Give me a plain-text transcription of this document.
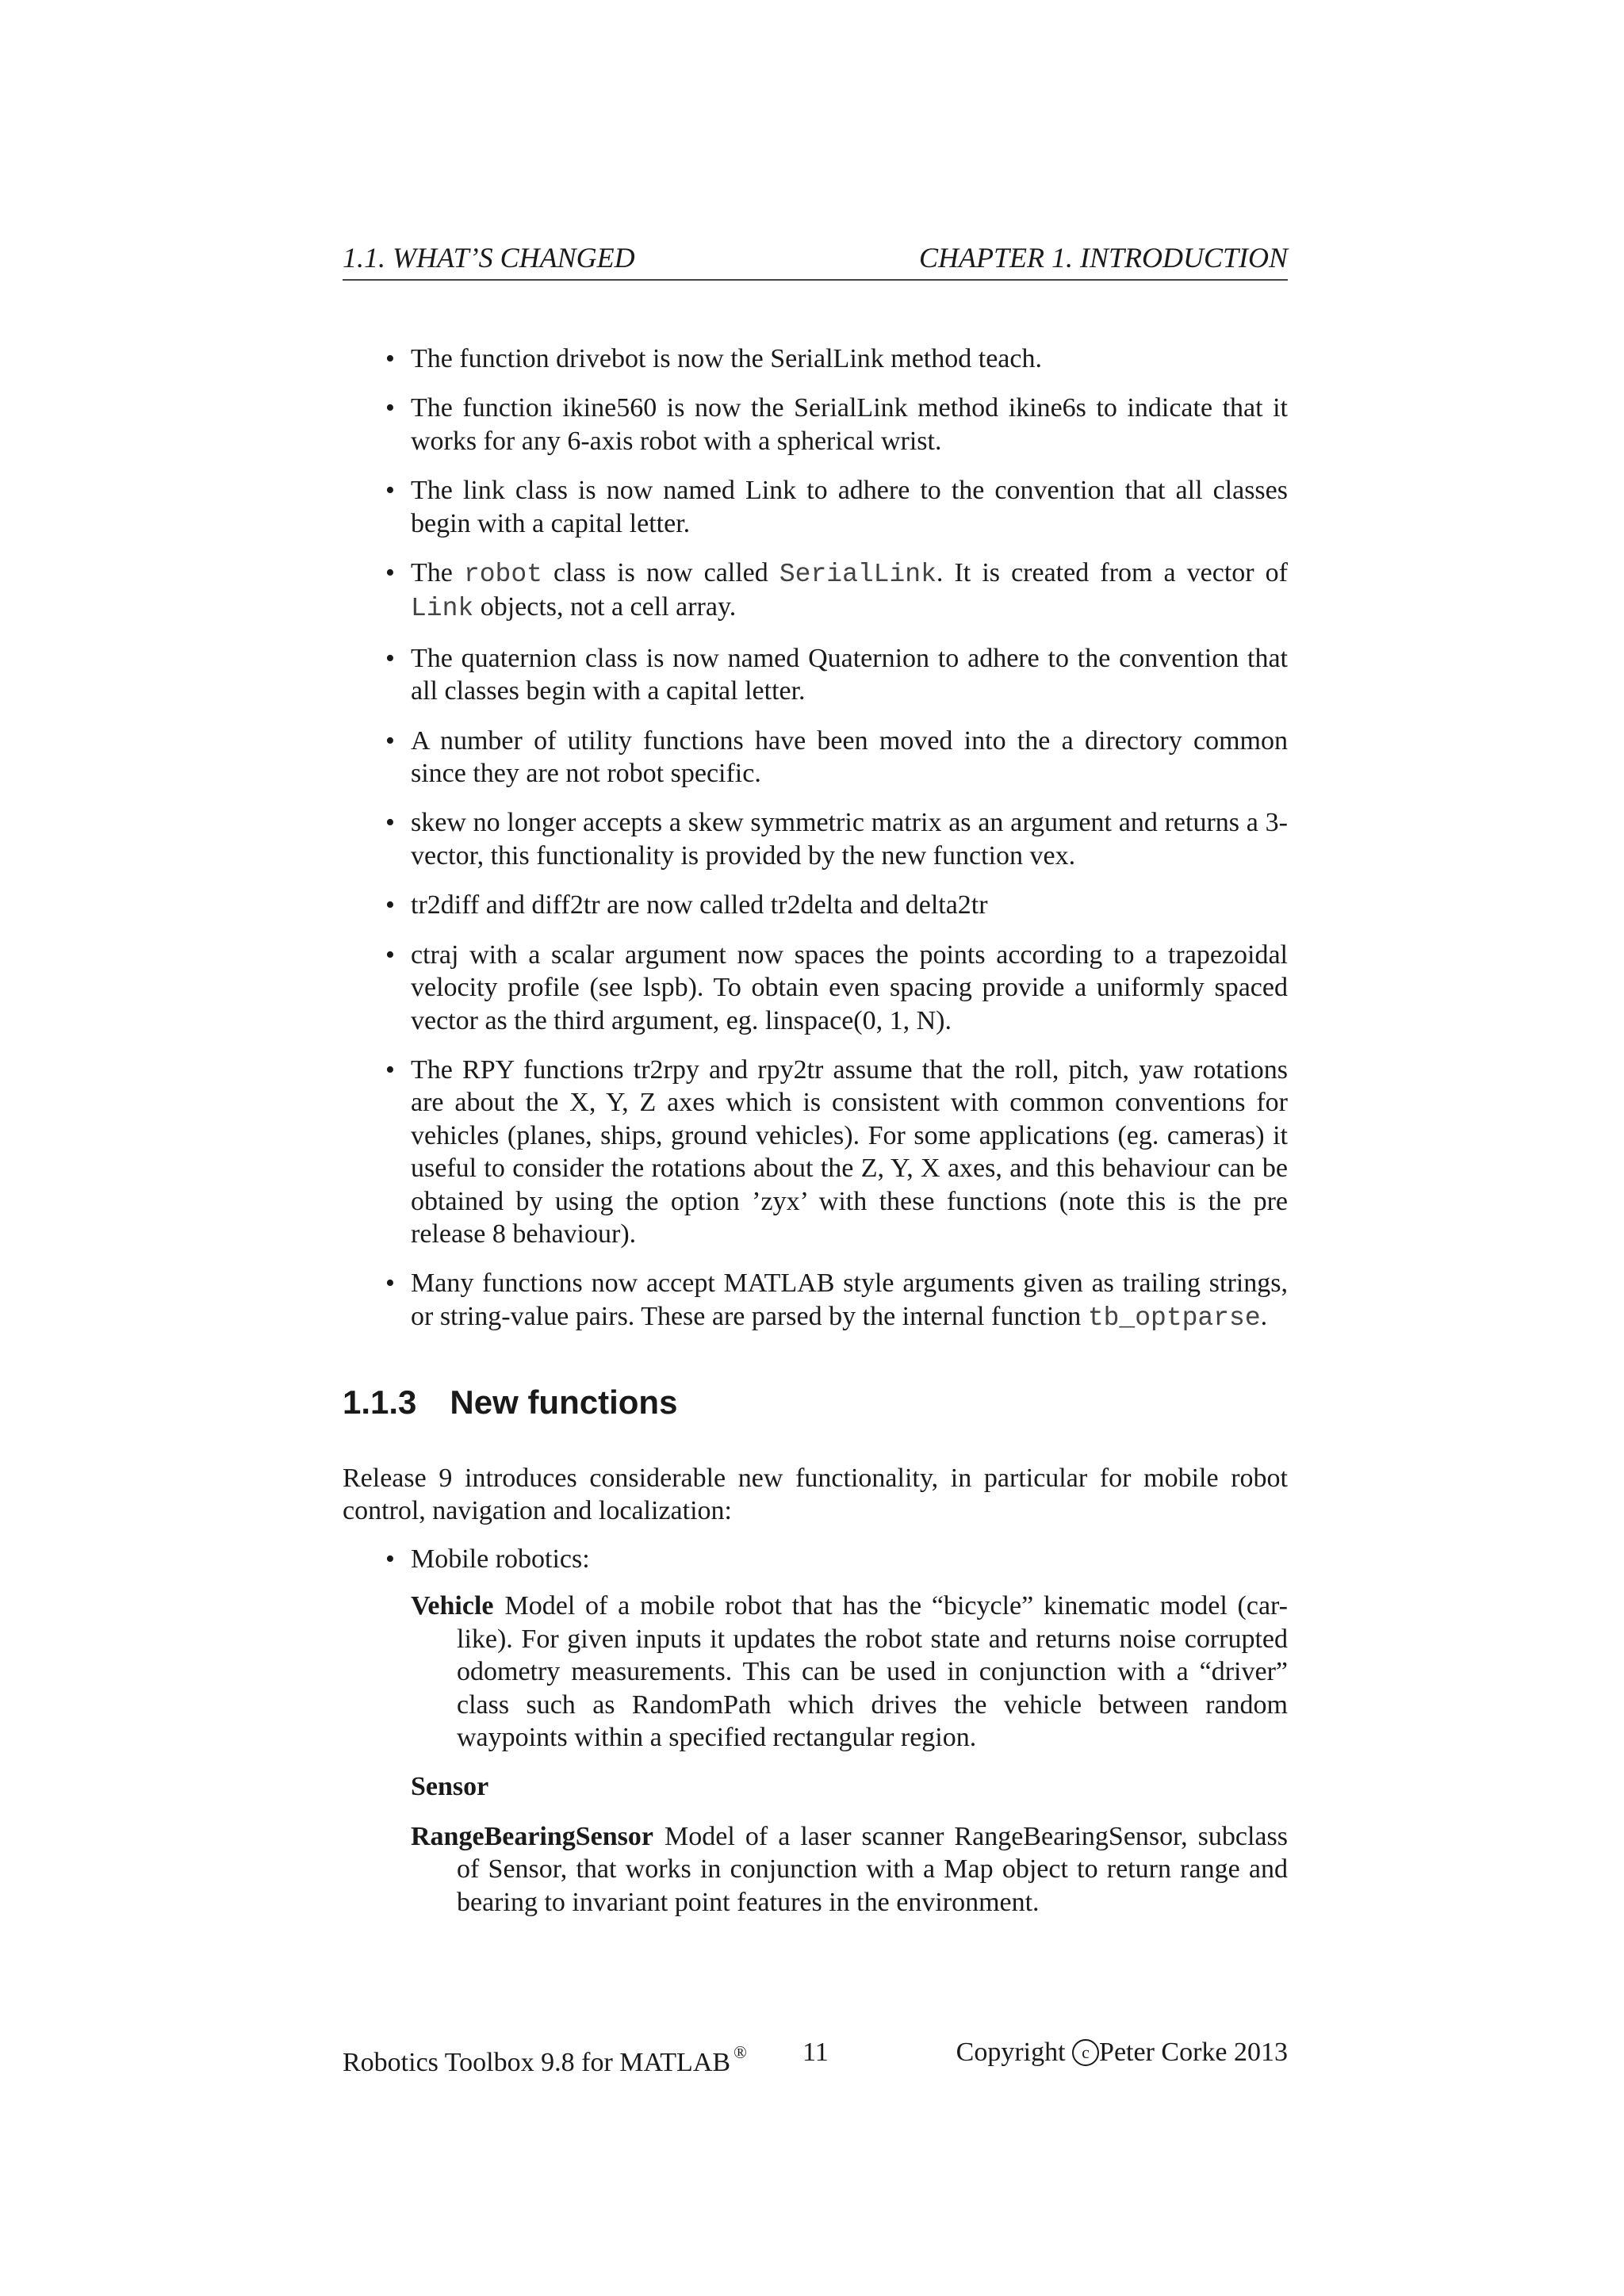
1.1. WHAT’S CHANGED	CHAPTER 1. INTRODUCTION
• The function drivebot is now the SerialLink method teach.
• The function ikine560 is now the SerialLink method ikine6s to indicate that it works for any 6-axis robot with a spherical wrist.
• The link class is now named Link to adhere to the convention that all classes begin with a capital letter.
• The robot class is now called SerialLink. It is created from a vector of Link objects, not a cell array.
• The quaternion class is now named Quaternion to adhere to the convention that all classes begin with a capital letter.
• A number of utility functions have been moved into the a directory common since they are not robot specific.
• skew no longer accepts a skew symmetric matrix as an argument and returns a 3-vector, this functionality is provided by the new function vex.
• tr2diff and diff2tr are now called tr2delta and delta2tr
• ctraj with a scalar argument now spaces the points according to a trapezoidal velocity profile (see lspb). To obtain even spacing provide a uniformly spaced vector as the third argument, eg. linspace(0, 1, N).
• The RPY functions tr2rpy and rpy2tr assume that the roll, pitch, yaw rotations are about the X, Y, Z axes which is consistent with common conventions for vehicles (planes, ships, ground vehicles). For some applications (eg. cameras) it useful to consider the rotations about the Z, Y, X axes, and this behaviour can be obtained by using the option ’zyx’ with these functions (note this is the pre release 8 behaviour).
• Many functions now accept MATLAB style arguments given as trailing strings, or string-value pairs. These are parsed by the internal function tb_optparse.
1.1.3 New functions

Release 9 introduces considerable new functionality, in particular for mobile robot control, navigation and localization:

• Mobile robotics:
Vehicle Model of a mobile robot that has the “bicycle” kinematic model (car-like). For given inputs it updates the robot state and returns noise corrupted odometry measurements. This can be used in conjunction with a “driver” class such as RandomPath which drives the vehicle between random waypoints within a specified rectangular region.
Sensor
RangeBearingSensor Model of a laser scanner RangeBearingSensor, subclass of Sensor, that works in conjunction with a Map object to return range and bearing to invariant point features in the environment.
Robotics Toolbox 9.8 for MATLAB ® 11	Copyright c Peter Corke 2013
